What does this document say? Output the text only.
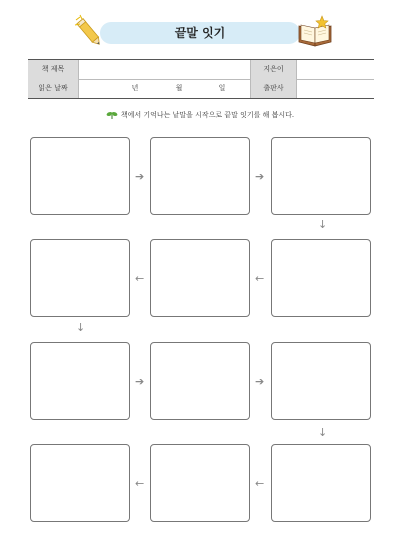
끝말 잇기
책 제목	지은이
읽은 날짜	년	월	일	출판사
책에서 기억나는 낱말을 시작으로 끝말 잇기를 해 봅시다.
➔	➔
↓
←	←
↓
➔	➔
↓
←	←
